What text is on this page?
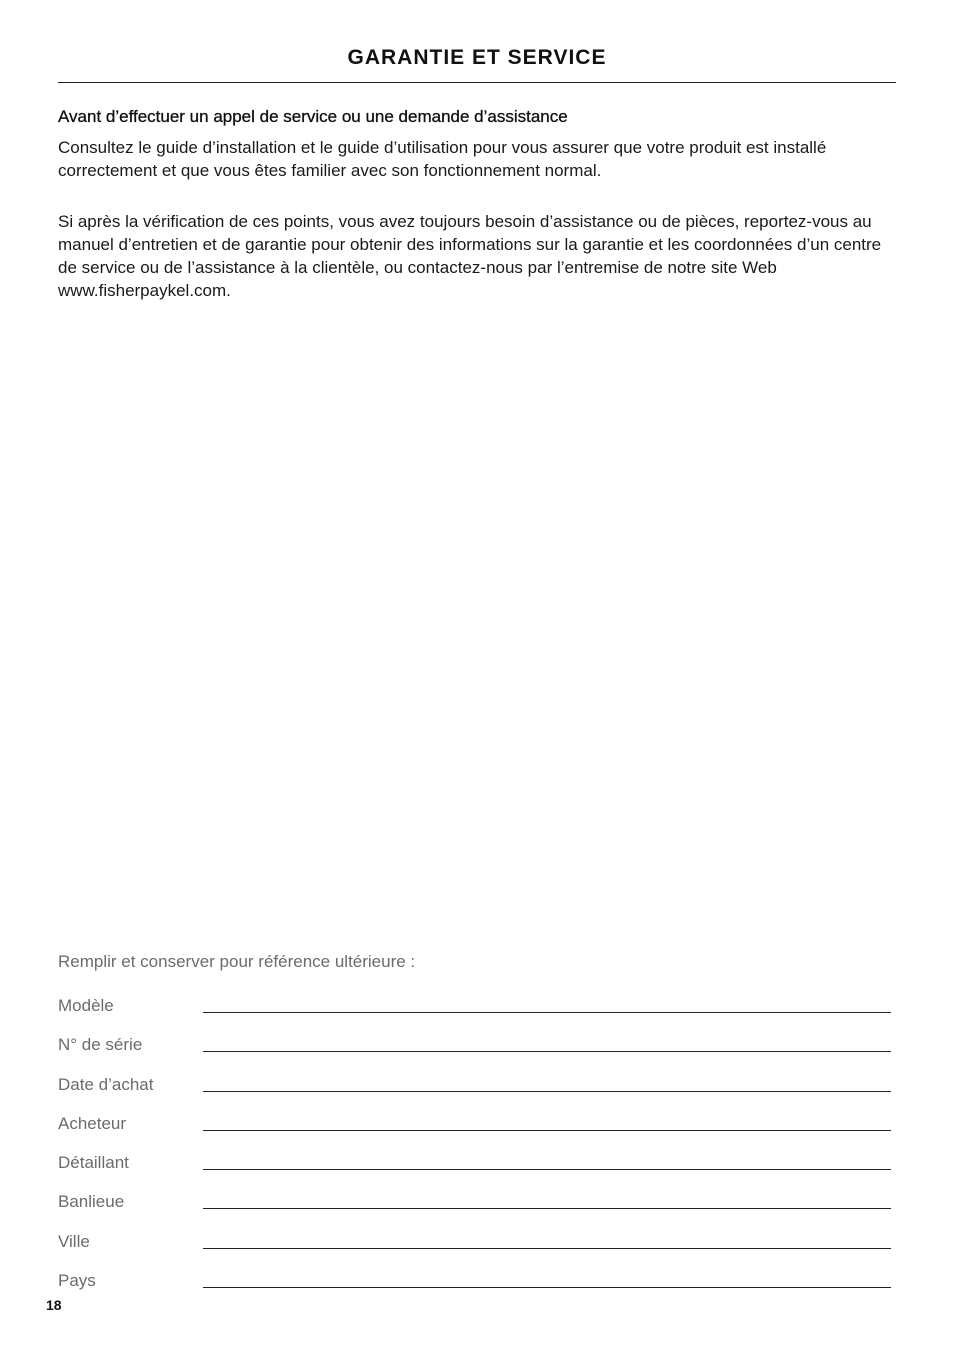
GARANTIE ET SERVICE
Avant d’effectuer un appel de service ou une demande d’assistance

Consultez le guide d’installation et le guide d’utilisation pour vous assurer que votre produit est installé correctement et que vous êtes familier avec son fonctionnement normal.

Si après la vérification de ces points, vous avez toujours besoin d’assistance ou de pièces, reportez-vous au manuel d’entretien et de garantie pour obtenir des informations sur la garantie et les coordonnées d’un centre de service ou de l’assistance à la clientèle, ou contactez-nous par l’entremise de notre site Web www.fisherpaykel.com.

Remplir et conserver pour référence ultérieure :

Modèle
N° de série
Date d’achat
Acheteur
Détaillant
Banlieue
Ville
Pays
18
